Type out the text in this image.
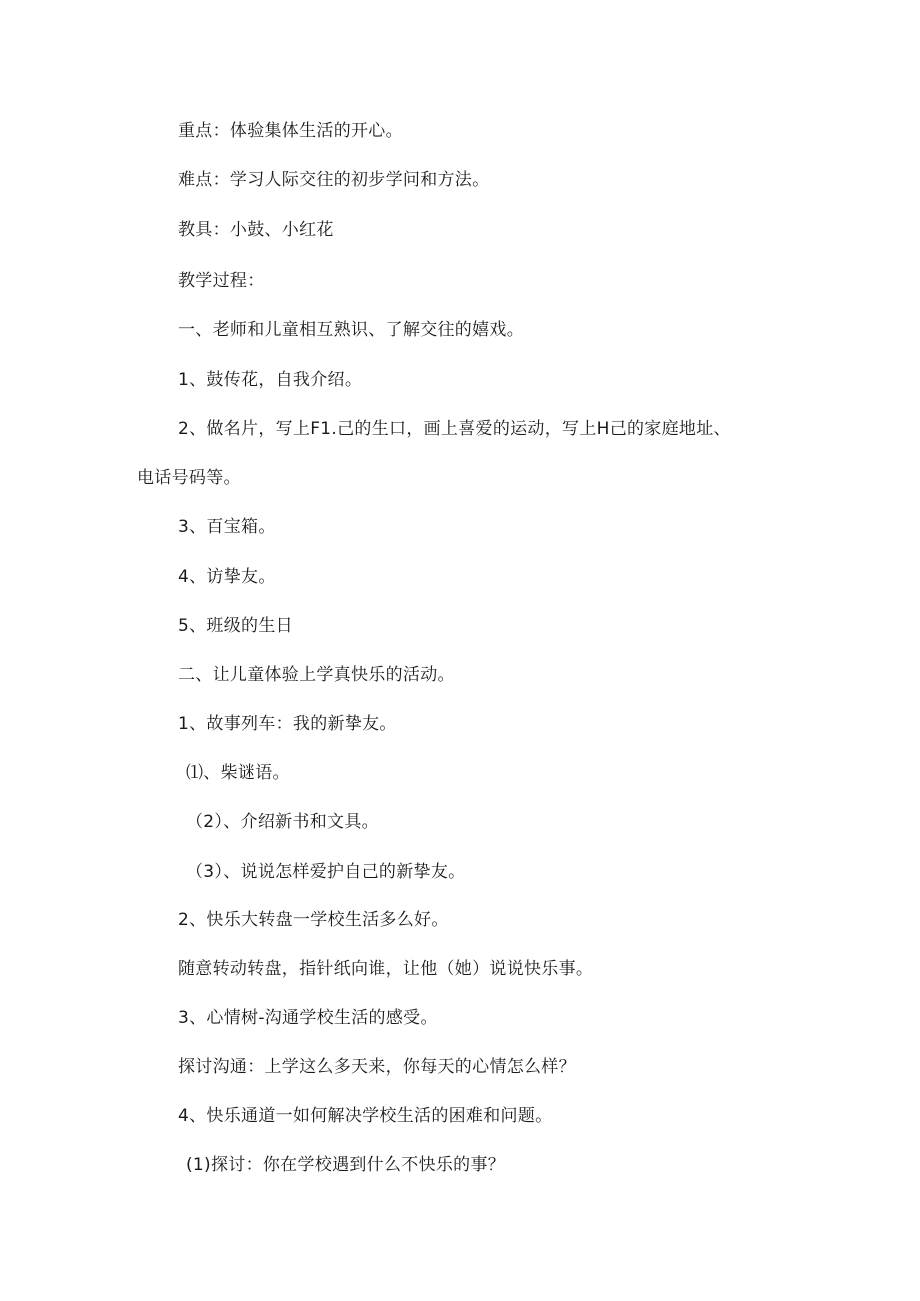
重点：体验集体生活的开心。
难点：学习人际交往的初步学问和方法。
教具：小鼓、小红花
教学过程：
一、老师和儿童相互熟识、了解交往的嬉戏。
1、鼓传花，自我介绍。
2、做名片，写上F1.己的生口，画上喜爱的运动，写上H己的家庭地址、
电话号码等。
3、百宝箱。
4、访挚友。
5、班级的生日
二、让儿童体验上学真快乐的活动。
1、故事列车：我的新挚友。
⑴、柴谜语。
（2）、介绍新书和文具。
（3）、说说怎样爱护自己的新挚友。
2、快乐大转盘一学校生活多么好。
随意转动转盘，指针纸向谁，让他（她）说说快乐事。
3、心情树-沟通学校生活的感受。
探讨沟通：上学这么多天来，你每天的心情怎么样？
4、快乐通道一如何解决学校生活的困难和问题。
(1)探讨：你在学校遇到什么不快乐的事？
